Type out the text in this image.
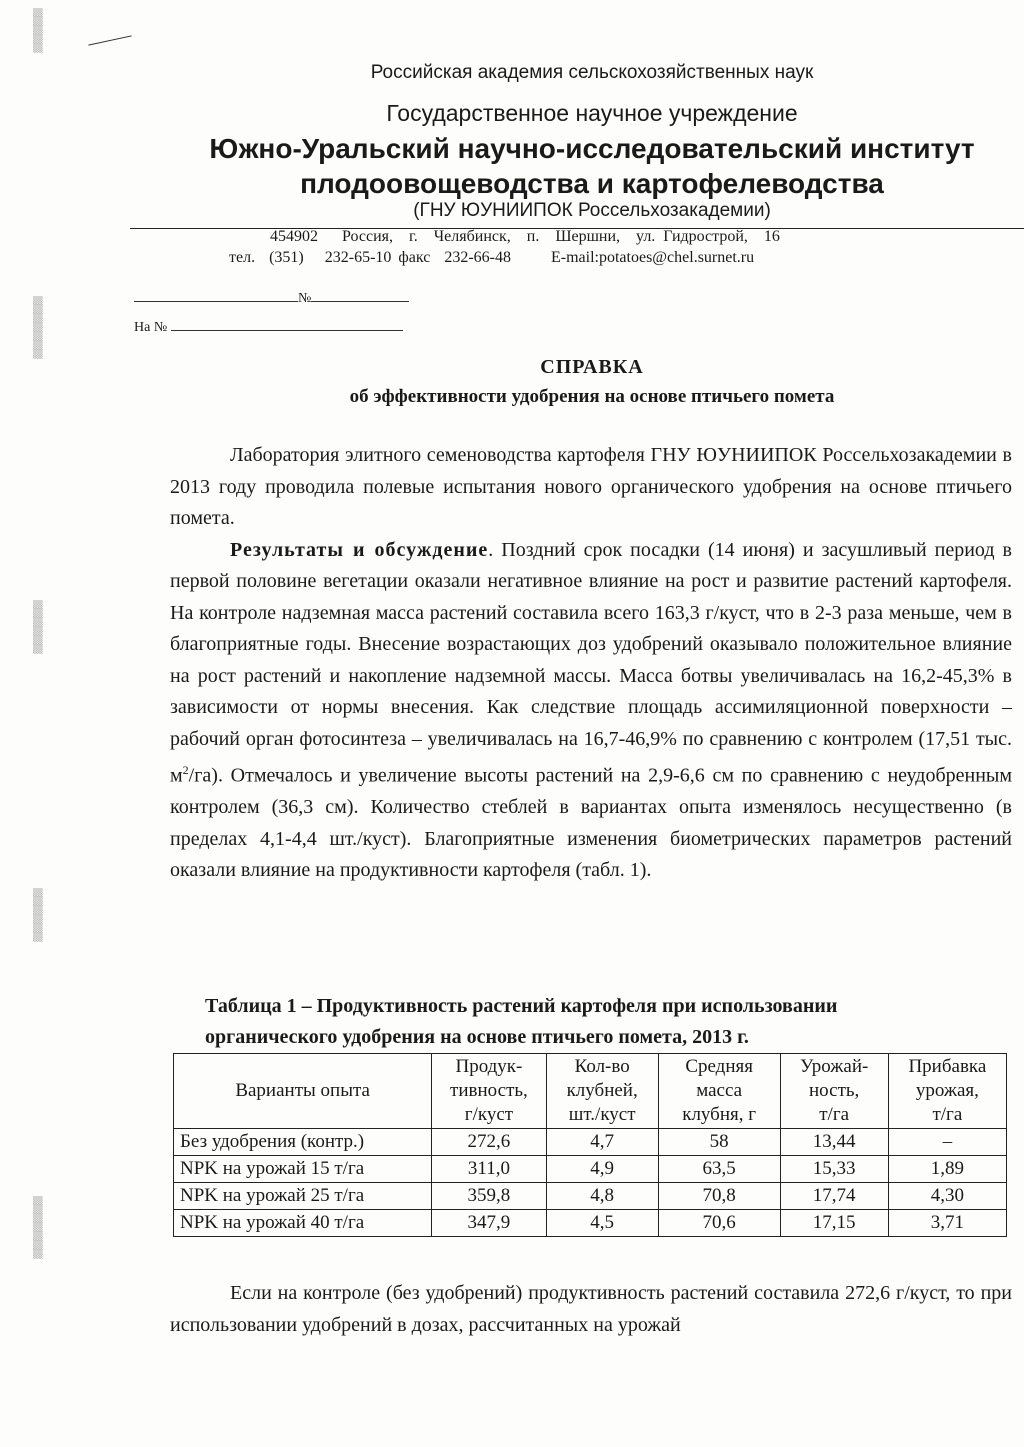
▒▒
▒▒
▒▒
▒▒
▒▒
▒▒
▒▒
▒▒
▒▒
▒▒
▒▒
▒▒
▒▒
▒▒
▒▒
▒▒
▒▒
▒▒
▒▒
▒▒
▒▒
▒▒
▒▒
▒▒
▒▒
▒▒
▒▒
▒▒
▒▒
▒▒
▒▒
Российская академия сельскохозяйственных наук
Государственное научное учреждение
Южно-Уральский научно-исследовательский институт
плодоовощеводства и картофелеводства
(ГНУ ЮУНИИПОК Россельхозакадемии)
454902   Россия,  г.  Челябинск,  п.  Шершни,  ул. Гидрострой,  16
тел.  (351)   232-65-10 факс  232-66-48	E-mail:potatoes@chel.surnet.ru
№
На №
СПРАВКА
об эффективности удобрения на основе птичьего помета

Лаборатория элитного семеноводства картофеля ГНУ ЮУНИИПОК Россельхозакадемии в 2013 году проводила полевые испытания нового органического удобрения на основе птичьего помета.

Результаты и обсуждение. Поздний срок посадки (14 июня) и засушливый период в первой половине вегетации оказали негативное влияние на рост и развитие растений картофеля. На контроле надземная масса растений составила всего 163,3 г/куст, что в 2-3 раза меньше, чем в благоприятные годы. Внесение возрастающих доз удобрений оказывало положительное влияние на рост растений и накопление надземной массы. Масса ботвы увеличивалась на 16,2-45,3% в зависимости от нормы внесения. Как следствие площадь ассимиляционной поверхности – рабочий орган фотосинтеза – увеличивалась на 16,7-46,9% по сравнению с контролем (17,51 тыс. $м^2/га$). Отмечалось и увеличение высоты растений на 2,9-6,6 см по сравнению с неудобренным контролем (36,3 см). Количество стеблей в вариантах опыта изменялось несущественно (в пределах 4,1-4,4 шт./куст). Благоприятные изменения биометрических параметров растений оказали влияние на продуктивности картофеля (табл. 1).

Таблица 1 – Продуктивность растений картофеля при использовании
органического удобрения на основе птичьего помета, 2013 г.
Варианты опыта	Продук-
тивность,
г/куст	Кол-во
клубней,
шт./куст	Средняя
масса
клубня, г	Урожай-
ность,
т/га	Прибавка
урожая,
т/га
Без удобрения (контр.)	272,6	4,7	58	13,44	–
NPK на урожай 15 т/га	311,0	4,9	63,5	15,33	1,89
NPK на урожай 25 т/га	359,8	4,8	70,8	17,74	4,30
NPK на урожай 40 т/га	347,9	4,5	70,6	17,15	3,71

Если на контроле (без удобрений) продуктивность растений составила 272,6 г/куст, то при использовании удобрений в дозах, рассчитанных на урожай
